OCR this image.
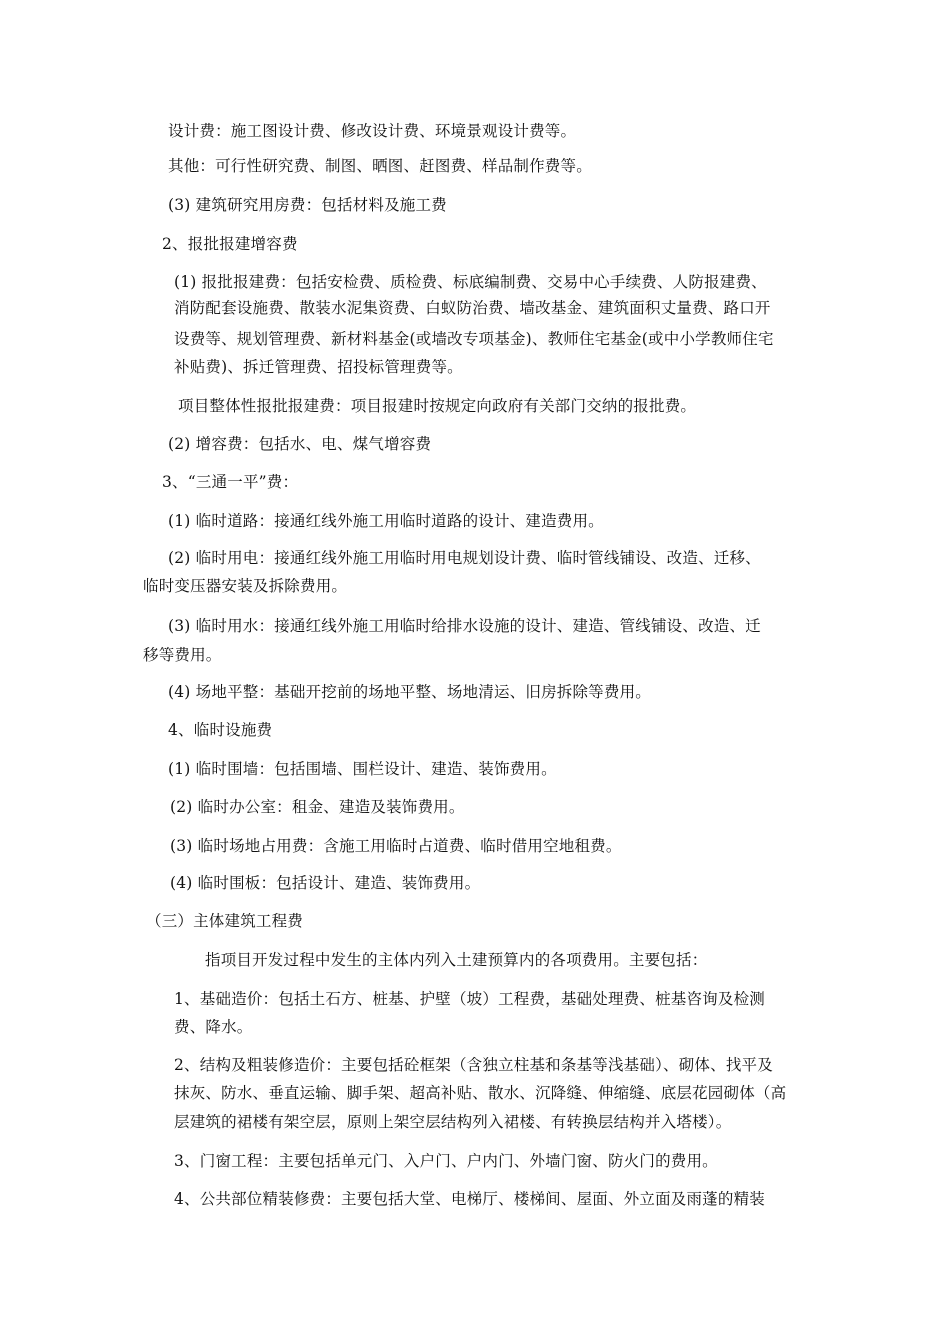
设计费：施工图设计费、修改设计费、环境景观设计费等。
其他：可行性研究费、制图、晒图、赶图费、样品制作费等。
(3) 建筑研究用房费：包括材料及施工费
2、报批报建增容费
(1) 报批报建费：包括安检费、质检费、标底编制费、交易中心手续费、人防报建费、
消防配套设施费、散装水泥集资费、白蚁防治费、墙改基金、建筑面积丈量费、路口开
设费等、规划管理费、新材料基金(或墙改专项基金)、教师住宅基金(或中小学教师住宅
补贴费)、拆迁管理费、招投标管理费等。
项目整体性报批报建费：项目报建时按规定向政府有关部门交纳的报批费。
(2) 增容费：包括水、电、煤气增容费
3、“三通一平”费：
(1) 临时道路：接通红线外施工用临时道路的设计、建造费用。
(2) 临时用电：接通红线外施工用临时用电规划设计费、临时管线铺设、改造、迁移、
临时变压器安装及拆除费用。
(3) 临时用水：接通红线外施工用临时给排水设施的设计、建造、管线铺设、改造、迁
移等费用。
(4) 场地平整：基础开挖前的场地平整、场地清运、旧房拆除等费用。
4、临时设施费
(1) 临时围墙：包括围墙、围栏设计、建造、装饰费用。
(2) 临时办公室：租金、建造及装饰费用。
(3) 临时场地占用费：含施工用临时占道费、临时借用空地租费。
(4) 临时围板：包括设计、建造、装饰费用。
（三）主体建筑工程费
指项目开发过程中发生的主体内列入土建预算内的各项费用。主要包括：
1、基础造价：包括土石方、桩基、护壁（坡）工程费，基础处理费、桩基咨询及检测
费、降水。
2、结构及粗装修造价：主要包括砼框架（含独立柱基和条基等浅基础）、砌体、找平及
抹灰、防水、垂直运输、脚手架、超高补贴、散水、沉降缝、伸缩缝、底层花园砌体（高
层建筑的裙楼有架空层，原则上架空层结构列入裙楼、有转换层结构并入塔楼）。
3、门窗工程：主要包括单元门、入户门、户内门、外墙门窗、防火门的费用。
4、公共部位精装修费：主要包括大堂、电梯厅、楼梯间、屋面、外立面及雨蓬的精装
